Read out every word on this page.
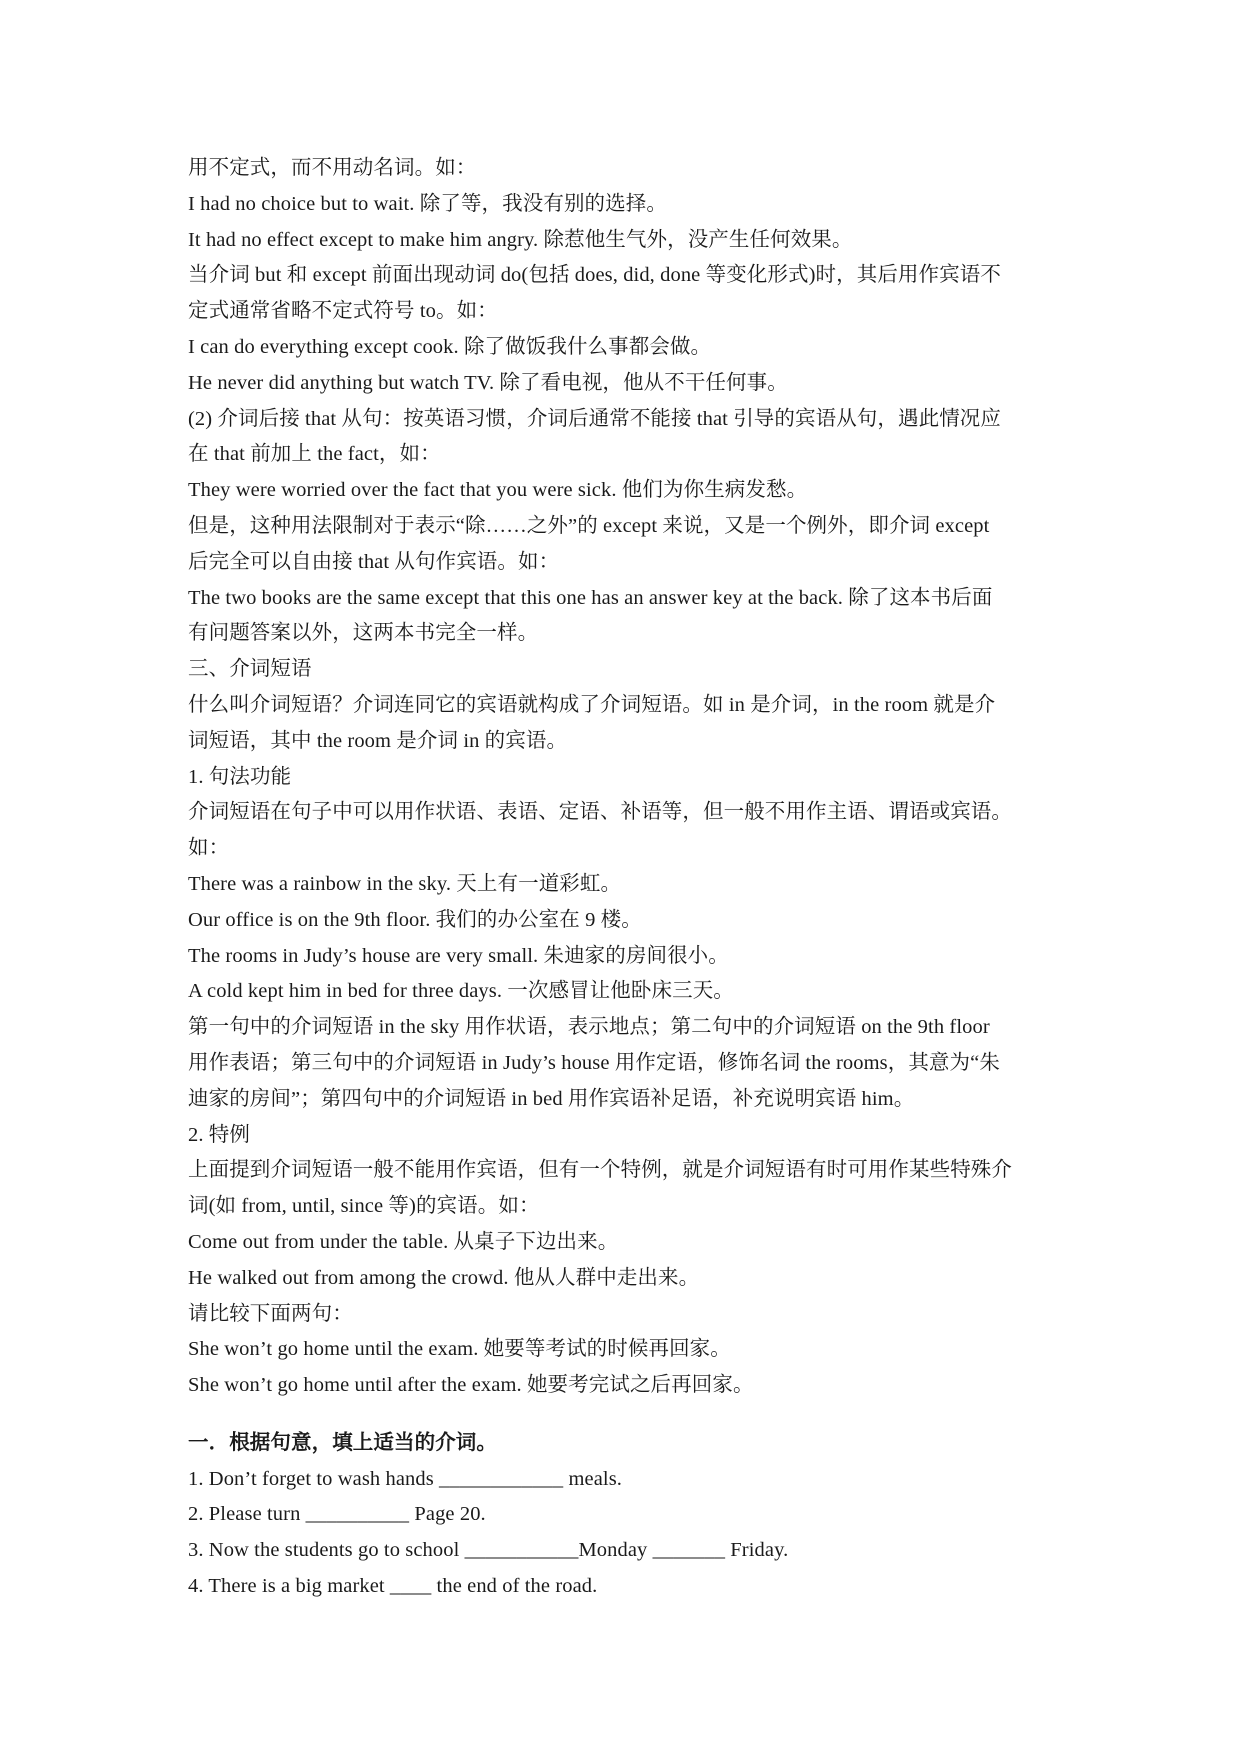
用不定式，而不用动名词。如：
I had no choice but to wait. 除了等，我没有别的选择。
It had no effect except to make him angry. 除惹他生气外，没产生任何效果。
当介词 but 和 except 前面出现动词 do(包括 does, did, done 等变化形式)时，其后用作宾语不
定式通常省略不定式符号 to。如：
I can do everything except cook. 除了做饭我什么事都会做。
He never did anything but watch TV. 除了看电视，他从不干任何事。
(2) 介词后接 that 从句：按英语习惯，介词后通常不能接 that 引导的宾语从句，遇此情况应
在 that 前加上 the fact，如：
They were worried over the fact that you were sick. 他们为你生病发愁。
但是，这种用法限制对于表示“除……之外”的 except 来说，又是一个例外，即介词 except
后完全可以自由接 that 从句作宾语。如：
The two books are the same except that this one has an answer key at the back. 除了这本书后面
有问题答案以外，这两本书完全一样。
三、介词短语
什么叫介词短语？介词连同它的宾语就构成了介词短语。如 in 是介词，in the room 就是介
词短语，其中 the room 是介词 in 的宾语。
1. 句法功能
介词短语在句子中可以用作状语、表语、定语、补语等，但一般不用作主语、谓语或宾语。
如：
There was a rainbow in the sky. 天上有一道彩虹。
Our office is on the 9th floor. 我们的办公室在 9 楼。
The rooms in Judy’s house are very small. 朱迪家的房间很小。
A cold kept him in bed for three days. 一次感冒让他卧床三天。
第一句中的介词短语 in the sky 用作状语，表示地点；第二句中的介词短语 on the 9th floor
用作表语；第三句中的介词短语 in Judy’s house 用作定语，修饰名词 the rooms，其意为“朱
迪家的房间”；第四句中的介词短语 in bed 用作宾语补足语，补充说明宾语 him。
2. 特例
上面提到介词短语一般不能用作宾语，但有一个特例，就是介词短语有时可用作某些特殊介
词(如 from, until, since 等)的宾语。如：
Come out from under the table. 从桌子下边出来。
He walked out from among the crowd. 他从人群中走出来。
请比较下面两句：
She won’t go home until the exam. 她要等考试的时候再回家。
She won’t go home until after the exam. 她要考完试之后再回家。
一．根据句意，填上适当的介词。
1. Don’t forget to wash hands ____________ meals.
2. Please turn __________ Page 20.
3. Now the students go to school ___________Monday _______ Friday.
4. There is a big market ____ the end of the road.
